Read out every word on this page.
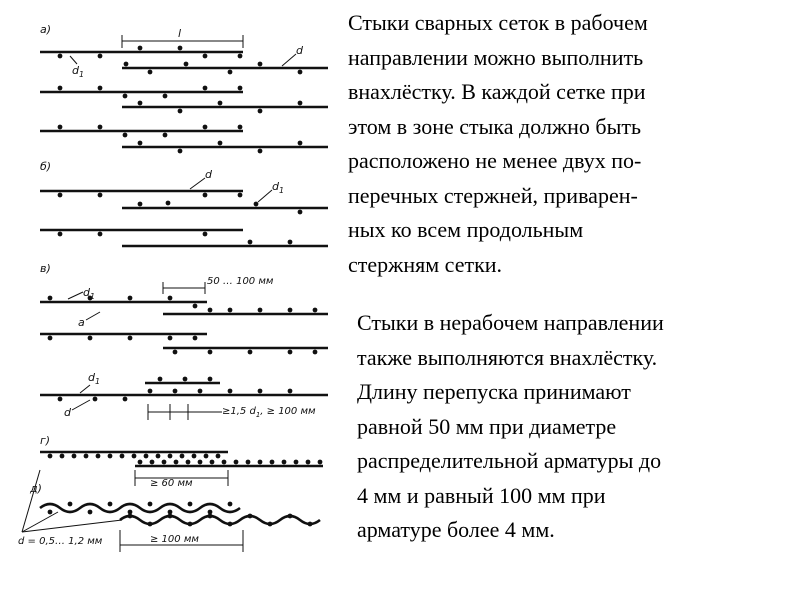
а)	l
$d_1$
d
б)
d
$d_1$
в)
50 … 100 мм
$d_1$
а
$d_1$
d	≥1,5 $d_1$, ≥ 100 мм
г)
≥ 60 мм
д)
≥ 100 мм
d = 0,5… 1,2 мм
Стыки сварных сеток в рабочем
направлении можно выполнить
внахлёстку. В каждой сетке при
этом в зоне стыка должно быть
расположено не менее двух по-
перечных стержней, приварен-
ных ко всем продольным
стержням сетки.
Стыки в нерабочем направлении
также выполняются внахлёстку.
Длину перепуска принимают
равной 50 мм при диаметре
распределительной арматуры до
4 мм и равный 100 мм при
арматуре более 4 мм.
